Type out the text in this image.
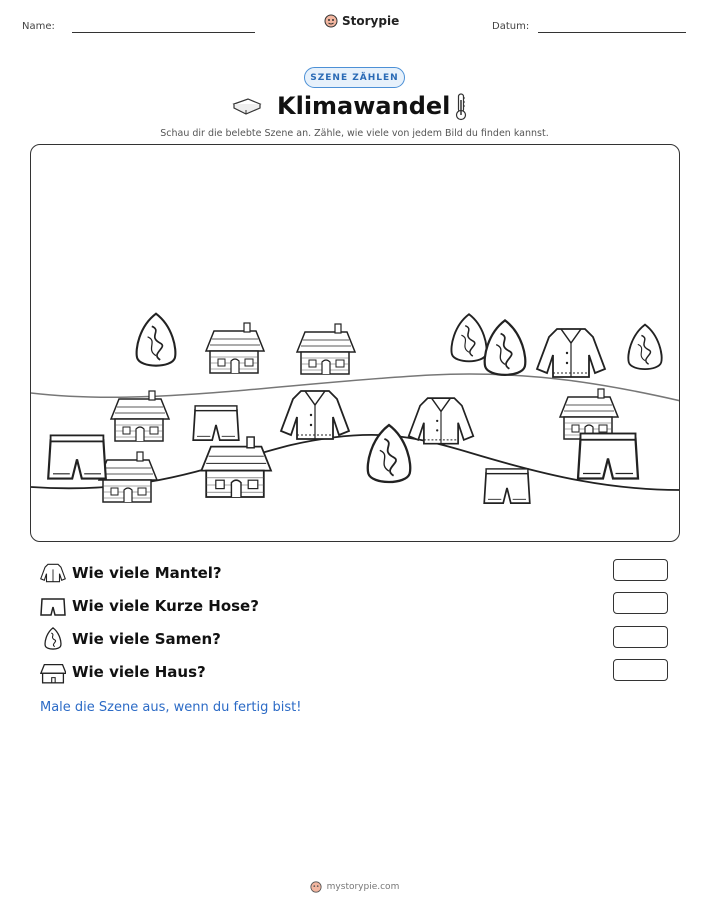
Name:	Storypie	Datum:
SZENE ZÄHLEN
Klimawandel
Schau dir die belebte Szene an. Zähle, wie viele von jedem Bild du finden kannst.
Wie viele Mantel?
Wie viele Kurze Hose?
Wie viele Samen?
Wie viele Haus?
Male die Szene aus, wenn du fertig bist!
mystorypie.com
